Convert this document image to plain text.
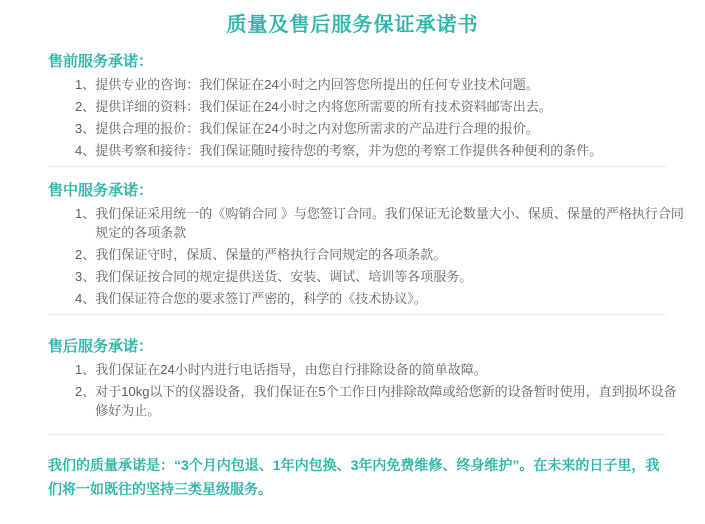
质量及售后服务保证承诺书
售前服务承诺：
1、 提供专业的咨询：我们保证在24小时之内回答您所提出的任何专业技术问题。
2、 提供详细的资料：我们保证在24小时之内将您所需要的所有技术资料邮寄出去。
3、 提供合理的报价：我们保证在24小时之内对您所需求的产品进行合理的报价。
4、 提供考察和接待：我们保证随时接待您的考察，并为您的考察工作提供各种便利的条件。
售中服务承诺：
1、 我们保证采用统一的《购销合同 》与您签订合同。我们保证无论数量大小、保质、保量的严格执行合同规定的各项条款
2、 我们保证守时，保质、保量的严格执行合同规定的各项条款。
3、 我们保证按合同的规定提供送货、安装、调试、培训等各项服务。
4、 我们保证符合您的要求签订严密的，科学的《技术协议》。
售后服务承诺：
1、 我们保证在24小时内进行电话指导，由您自行排除设备的简单故障。
2、 对于10kg以下的仪器设备，我们保证在5个工作日内排除故障或给您新的设备暂时使用，直到损坏设备修好为止。

我们的质量承诺是：“3个月内包退、1年内包换、3年内免费维修、终身维护”。在未来的日子里，我们将一如既往的坚持三类星级服务。
